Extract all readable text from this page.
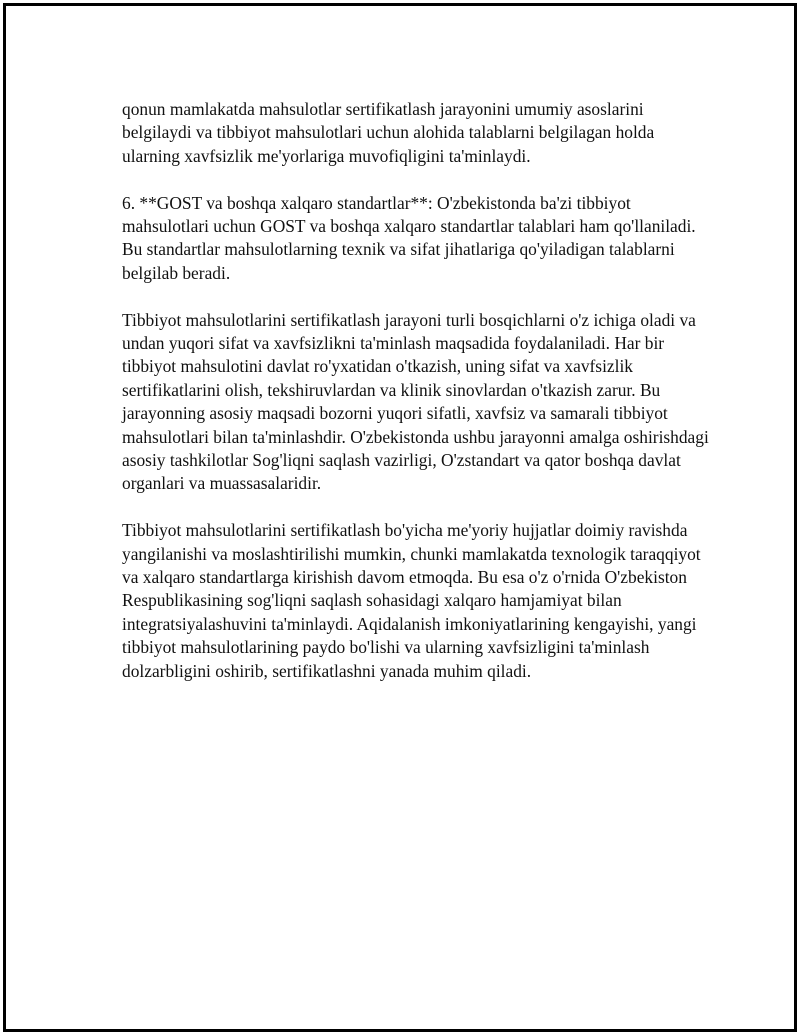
qonun mamlakatda mahsulotlar sertifikatlash jarayonini umumiy asoslarini belgilaydi va tibbiyot mahsulotlari uchun alohida talablarni belgilagan holda ularning xavfsizlik me'yorlariga muvofiqligini ta'minlaydi.

6. **GOST va boshqa xalqaro standartlar**: O'zbekistonda ba'zi tibbiyot mahsulotlari uchun GOST va boshqa xalqaro standartlar talablari ham qo'llaniladi. Bu standartlar mahsulotlarning texnik va sifat jihatlariga qo'yiladigan talablarni belgilab beradi.

Tibbiyot mahsulotlarini sertifikatlash jarayoni turli bosqichlarni o'z ichiga oladi va undan yuqori sifat va xavfsizlikni ta'minlash maqsadida foydalaniladi. Har bir tibbiyot mahsulotini davlat ro'yxatidan o'tkazish, uning sifat va xavfsizlik sertifikatlarini olish, tekshiruvlardan va klinik sinovlardan o'tkazish zarur. Bu jarayonning asosiy maqsadi bozorni yuqori sifatli, xavfsiz va samarali tibbiyot mahsulotlari bilan ta'minlashdir. O'zbekistonda ushbu jarayonni amalga oshirishdagi asosiy tashkilotlar Sog'liqni saqlash vazirligi, O'zstandart va qator boshqa davlat organlari va muassasalaridir.

Tibbiyot mahsulotlarini sertifikatlash bo'yicha me'yoriy hujjatlar doimiy ravishda yangilanishi va moslashtirilishi mumkin, chunki mamlakatda texnologik taraqqiyot va xalqaro standartlarga kirishish davom etmoqda. Bu esa o'z o'rnida O'zbekiston Respublikasining sog'liqni saqlash sohasidagi xalqaro hamjamiyat bilan integratsiyalashuvini ta'minlaydi. Aqidalanish imkoniyatlarining kengayishi, yangi tibbiyot mahsulotlarining paydo bo'lishi va ularning xavfsizligini ta'minlash dolzarbligini oshirib, sertifikatlashni yanada muhim qiladi.
